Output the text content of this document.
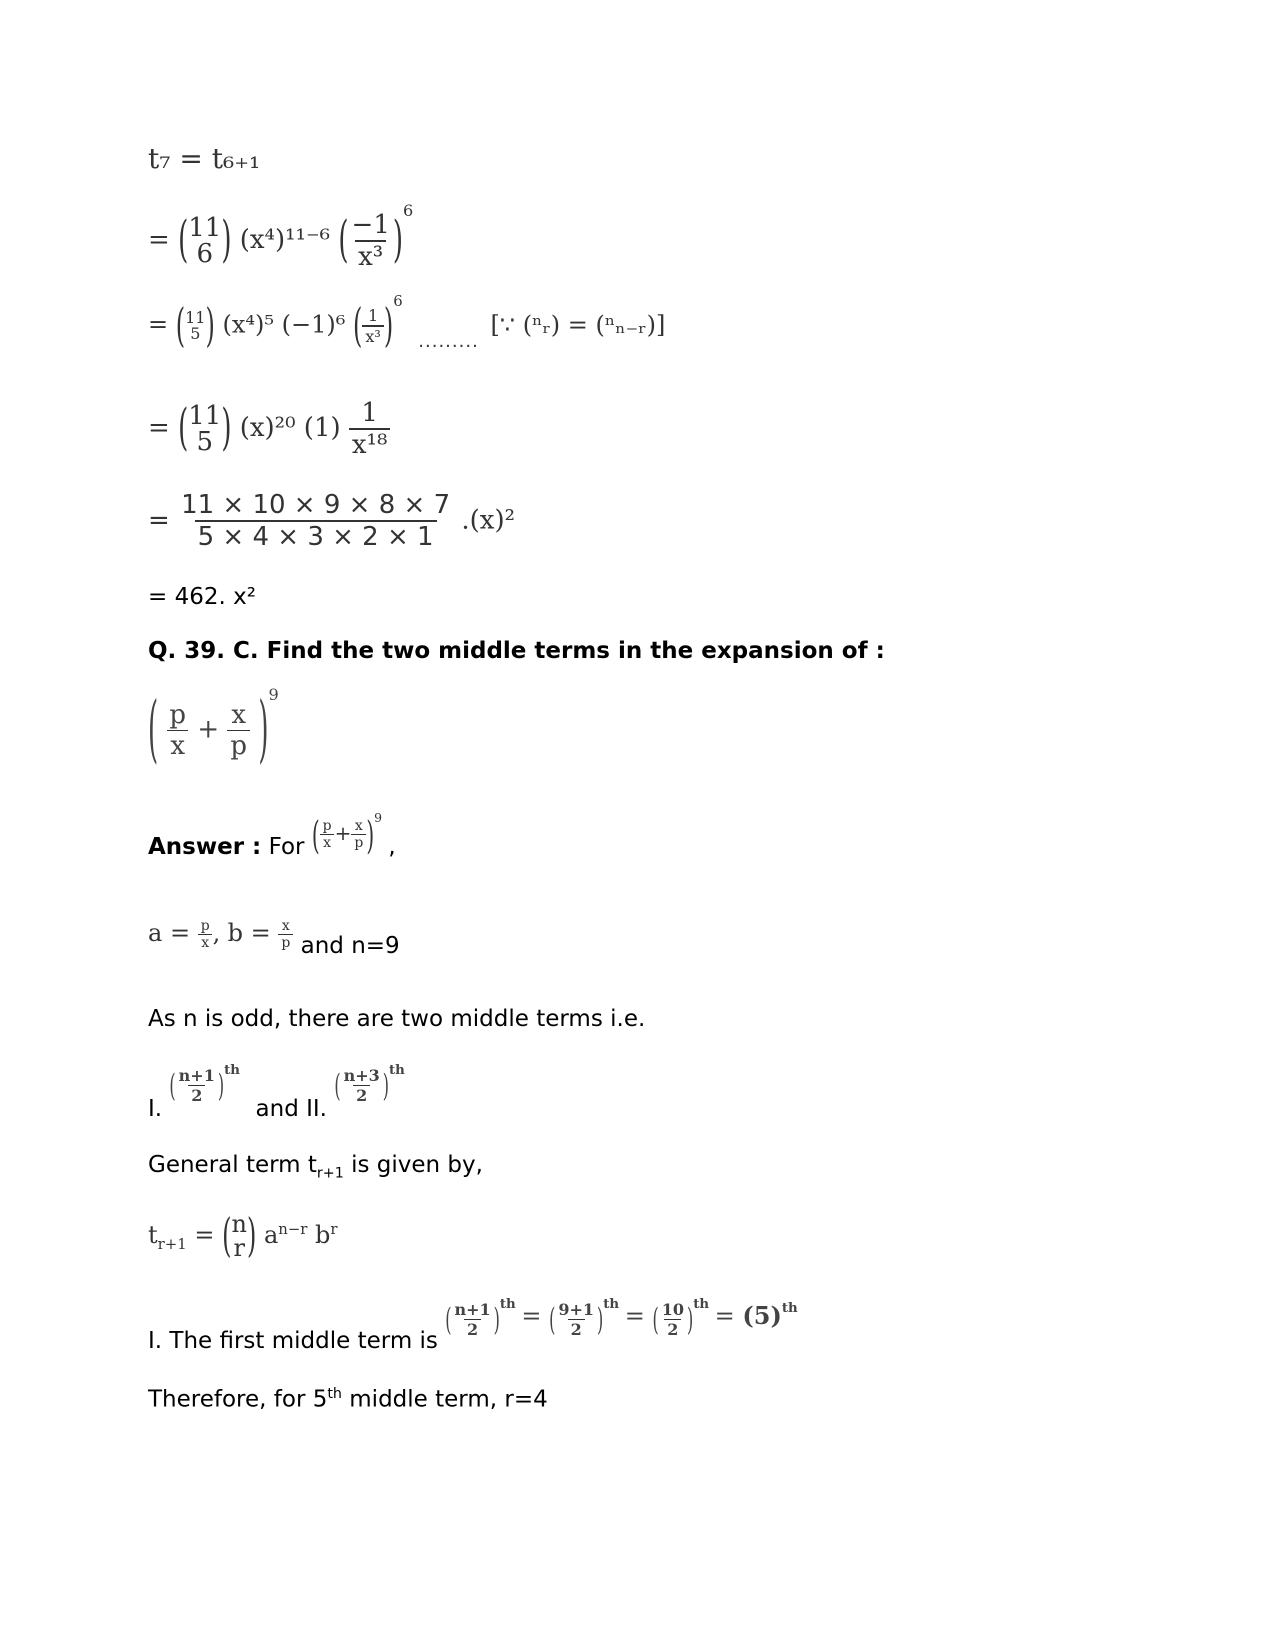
t₇ = t₆₊₁
= ( 11
6 ) (x⁴)¹¹⁻⁶ ( $\frac{-1}{\text{x³}} )^6$
= ( 11
5 ) (x⁴)⁵ (−1)⁶ ( $\frac{1}{\text{x³}} )^6$ $_{.........}$ [∵ (ⁿᵣ) = (ⁿₙ₋ᵣ)]
= ( 11
5 ) (x)²⁰ $(1) \frac{1}{\text{x¹⁸}}$
= $\frac{11 \times 10 \times 9 \times 8 \times 7}{5 \times 4 \times 3 \times 2 \times 1} .(x)^2$
= 462. x²
Q. 39. C. Find the two middle terms in the expansion of :
( $\frac{p}{x} + \frac{x}{p} )^9$
Answer : For ( $\frac{p}{x} + \frac{x}{p} )^9$ ,
$a = \frac{p}{x}$ , $b = \frac{x}{p}$ and n=9
As n is odd, there are two middle terms i.e.
I. ( $\frac{n+1}{2} )^{th}$ and II. ( $\frac{n+3}{2} )^{th}$
General term $t_{r+1}$ is given by,
$t_{r+1}$ = ( n
r ) $a^{n-r}$ $b^r$
I. The first middle term is ( $\frac{n+1}{2} )^{th}$ = ( $\frac{9+1}{2} )^{th}$ = ( $\frac{10}{2} )^{th} = (5)^{th}$
Therefore, for 5th middle term, r=4
